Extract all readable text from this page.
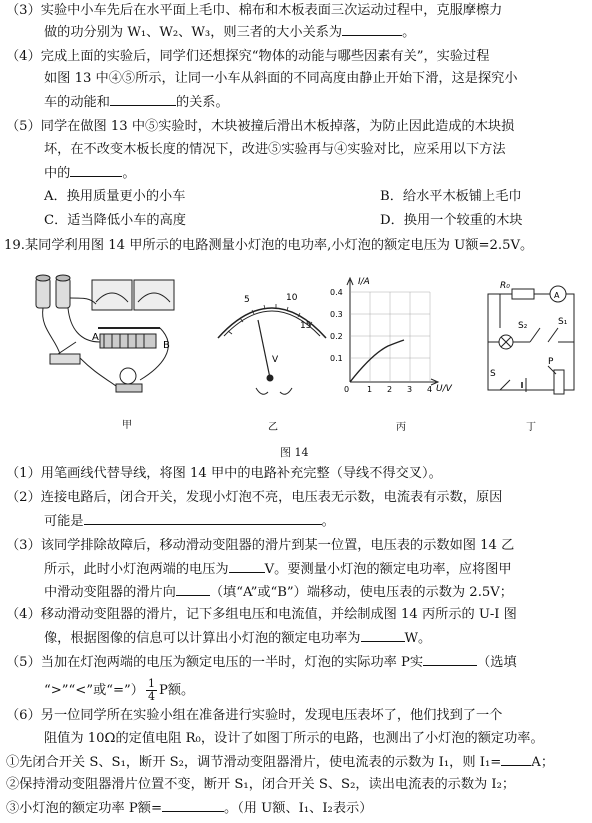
（3）实验中小车先后在水平面上毛巾、棉布和木板表面三次运动过程中，克服摩檫力
做的功分别为 W₁、W₂、W₃，则三者的大小关系为	。
（4）完成上面的实验后，同学们还想探究“物体的动能与哪些因素有关”，实验过程
如图 13 中④⑤所示，让同一小车从斜面的不同高度由静止开始下滑，这是探究小
车的动能和	的关系。
（5）同学在做图 13 中⑤实验时，木块被撞后滑出木板掉落，为防止因此造成的木块损
坏，在不改变木板长度的情况下，改进⑤实验再与④实验对比，应采用以下方法
中的	。
A．换用质量更小的小车	B．给水平木板铺上毛巾
C．适当降低小车的高度	D．换用一个较重的木块
19.某同学利用图 14 甲所示的电路测量小灯泡的电功率,小灯泡的额定电压为 U额=2.5V。
A
B
甲
5	10
15
V
乙
I/A
U/V
0.4
0.3
0.2
0.1
0 1 2 3 4
丙
R₀
A
S₂	S₁
S
P
丁
图 14
（1）用笔画线代替导线，将图 14 甲中的电路补充完整（导线不得交叉）。
（2）连接电路后，闭合开关，发现小灯泡不亮，电压表无示数，电流表有示数，原因
可能是	。
（3）该同学排除故障后，移动滑动变阻器的滑片到某一位置，电压表的示数如图 14 乙
所示，此时小灯泡两端的电压为	V。要测量小灯泡的额定电功率，应将图甲
中滑动变阻器的滑片向	（填“A”或“B”）端移动，使电压表的示数为 2.5V；
（4）移动滑动变阻器的滑片，记下多组电压和电流值，并绘制成图 14 丙所示的 U-I 图
像，根据图像的信息可以计算出小灯泡的额定电功率为	W。
（5）当加在灯泡两端的电压为额定电压的一半时，灯泡的实际功率 P实	（选填
“>”“<”或“=”） $\frac{1}{4}$ P额。
（6）另一位同学所在实验小组在准备进行实验时，发现电压表坏了，他们找到了一个
阻值为 10Ω的定值电阻 R₀，设计了如图丁所示的电路，也测出了小灯泡的额定功率。
①先闭合开关 S、S₁，断开 S₂，调节滑动变阻器滑片，使电流表的示数为 I₁，则 I₁= A；
②保持滑动变阻器滑片位置不变，断开 S₁，闭合开关 S、S₂，读出电流表的示数为 I₂；
③小灯泡的额定功率 P额=	。（用 U额、I₁、I₂表示）
